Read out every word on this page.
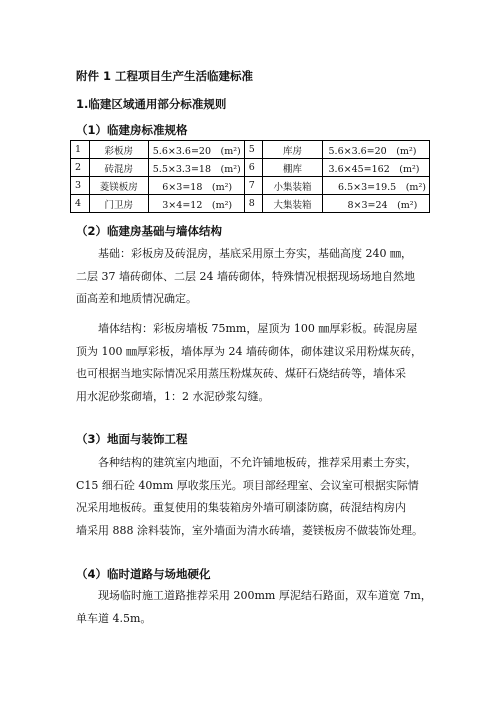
附件 1 工程项目生产生活临建标准
1.临建区域通用部分标准规则
（1）临建房标准规格
1	彩板房	5.6×3.6=20　(m²)	5	库房	5.6×3.6=20　(m²)
2	砖混房	5.5×3.3=18　(m²)	6	棚库	3.6×45=162　(m²)
3	菱镁板房	　6×3=18　(m²)	7	小集装箱	　6.5×3=19.5　(m²)
4	门卫房	　3×4=12　(m²)	8	大集装箱	　　8×3=24　(m²)
（2）临建房基础与墙体结构
基础：彩板房及砖混房，基底采用原土夯实，基础高度 240 ㎜，
二层 37 墙砖砌体、二层 24 墙砖砌体，特殊情况根据现场场地自然地
面高差和地质情况确定。
墙体结构：彩板房墙板 75mm，屋顶为 100 ㎜厚彩板。砖混房屋
顶为 100 ㎜厚彩板，墙体厚为 24 墙砖砌体，砌体建议采用粉煤灰砖，
也可根据当地实际情况采用蒸压粉煤灰砖、煤矸石烧结砖等，墙体采
用水泥砂浆砌墙，1：2 水泥砂浆勾缝。
（3）地面与装饰工程
各种结构的建筑室内地面，不允许铺地板砖，推荐采用素土夯实，
C15 细石砼 40mm 厚收浆压光。项目部经理室、会议室可根据实际情
况采用地板砖。重复使用的集装箱房外墙可刷漆防腐，砖混结构房内
墙采用 888 涂料装饰，室外墙面为清水砖墙，菱镁板房不做装饰处理。
（4）临时道路与场地硬化
现场临时施工道路推荐采用 200mm 厚泥结石路面，双车道宽 7m，
单车道 4.5m。
